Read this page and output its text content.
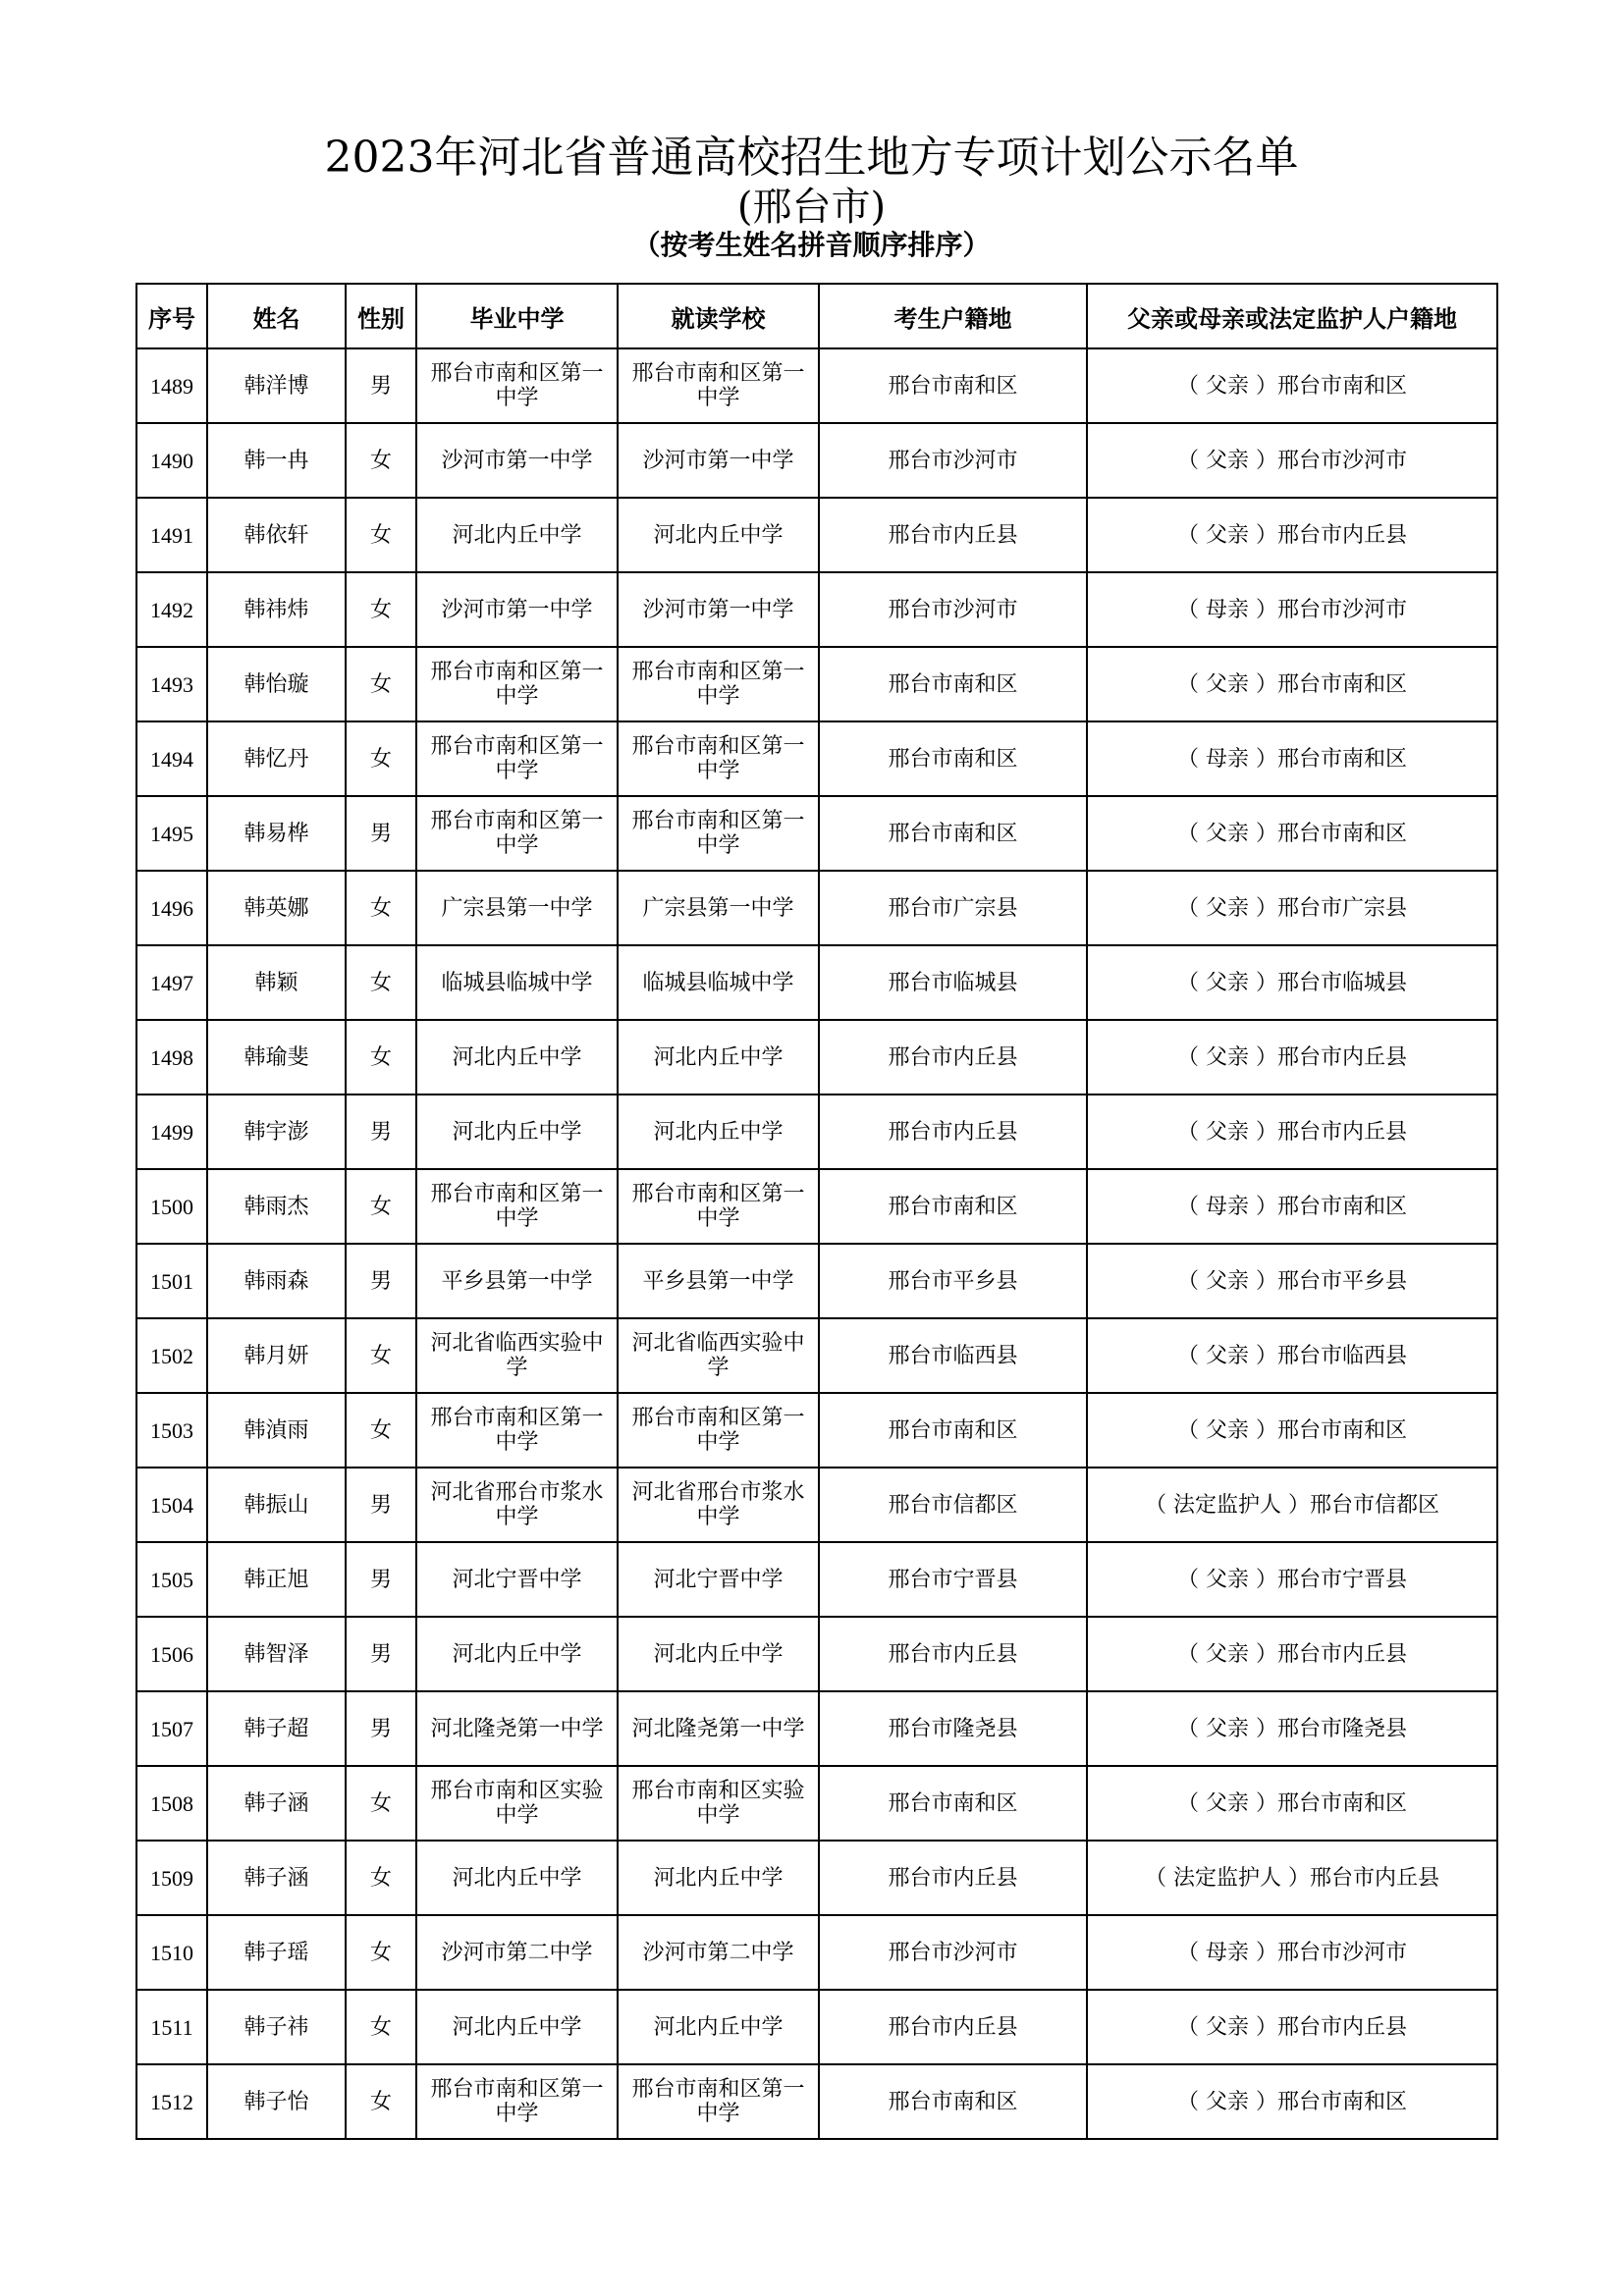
2023年河北省普通高校招生地方专项计划公示名单
(邢台市)
（按考生姓名拼音顺序排序）
序号	姓名	性别	毕业中学	就读学校	考生户籍地	父亲或母亲或法定监护人户籍地
1489	韩洋博	男	邢台市南和区第一中学	邢台市南和区第一中学	邢台市南和区	（ 父亲 ）邢台市南和区
1490	韩一冉	女	沙河市第一中学	沙河市第一中学	邢台市沙河市	（ 父亲 ）邢台市沙河市
1491	韩依轩	女	河北内丘中学	河北内丘中学	邢台市内丘县	（ 父亲 ）邢台市内丘县
1492	韩祎炜	女	沙河市第一中学	沙河市第一中学	邢台市沙河市	（ 母亲 ）邢台市沙河市
1493	韩怡璇	女	邢台市南和区第一中学	邢台市南和区第一中学	邢台市南和区	（ 父亲 ）邢台市南和区
1494	韩忆丹	女	邢台市南和区第一中学	邢台市南和区第一中学	邢台市南和区	（ 母亲 ）邢台市南和区
1495	韩易桦	男	邢台市南和区第一中学	邢台市南和区第一中学	邢台市南和区	（ 父亲 ）邢台市南和区
1496	韩英娜	女	广宗县第一中学	广宗县第一中学	邢台市广宗县	（ 父亲 ）邢台市广宗县
1497	韩颖	女	临城县临城中学	临城县临城中学	邢台市临城县	（ 父亲 ）邢台市临城县
1498	韩瑜斐	女	河北内丘中学	河北内丘中学	邢台市内丘县	（ 父亲 ）邢台市内丘县
1499	韩宇澎	男	河北内丘中学	河北内丘中学	邢台市内丘县	（ 父亲 ）邢台市内丘县
1500	韩雨杰	女	邢台市南和区第一中学	邢台市南和区第一中学	邢台市南和区	（ 母亲 ）邢台市南和区
1501	韩雨森	男	平乡县第一中学	平乡县第一中学	邢台市平乡县	（ 父亲 ）邢台市平乡县
1502	韩月妍	女	河北省临西实验中学	河北省临西实验中学	邢台市临西县	（ 父亲 ）邢台市临西县
1503	韩湞雨	女	邢台市南和区第一中学	邢台市南和区第一中学	邢台市南和区	（ 父亲 ）邢台市南和区
1504	韩振山	男	河北省邢台市浆水中学	河北省邢台市浆水中学	邢台市信都区	（ 法定监护人 ）邢台市信都区
1505	韩正旭	男	河北宁晋中学	河北宁晋中学	邢台市宁晋县	（ 父亲 ）邢台市宁晋县
1506	韩智泽	男	河北内丘中学	河北内丘中学	邢台市内丘县	（ 父亲 ）邢台市内丘县
1507	韩子超	男	河北隆尧第一中学	河北隆尧第一中学	邢台市隆尧县	（ 父亲 ）邢台市隆尧县
1508	韩子涵	女	邢台市南和区实验中学	邢台市南和区实验中学	邢台市南和区	（ 父亲 ）邢台市南和区
1509	韩子涵	女	河北内丘中学	河北内丘中学	邢台市内丘县	（ 法定监护人 ）邢台市内丘县
1510	韩子瑶	女	沙河市第二中学	沙河市第二中学	邢台市沙河市	（ 母亲 ）邢台市沙河市
1511	韩子祎	女	河北内丘中学	河北内丘中学	邢台市内丘县	（ 父亲 ）邢台市内丘县
1512	韩子怡	女	邢台市南和区第一中学	邢台市南和区第一中学	邢台市南和区	（ 父亲 ）邢台市南和区
